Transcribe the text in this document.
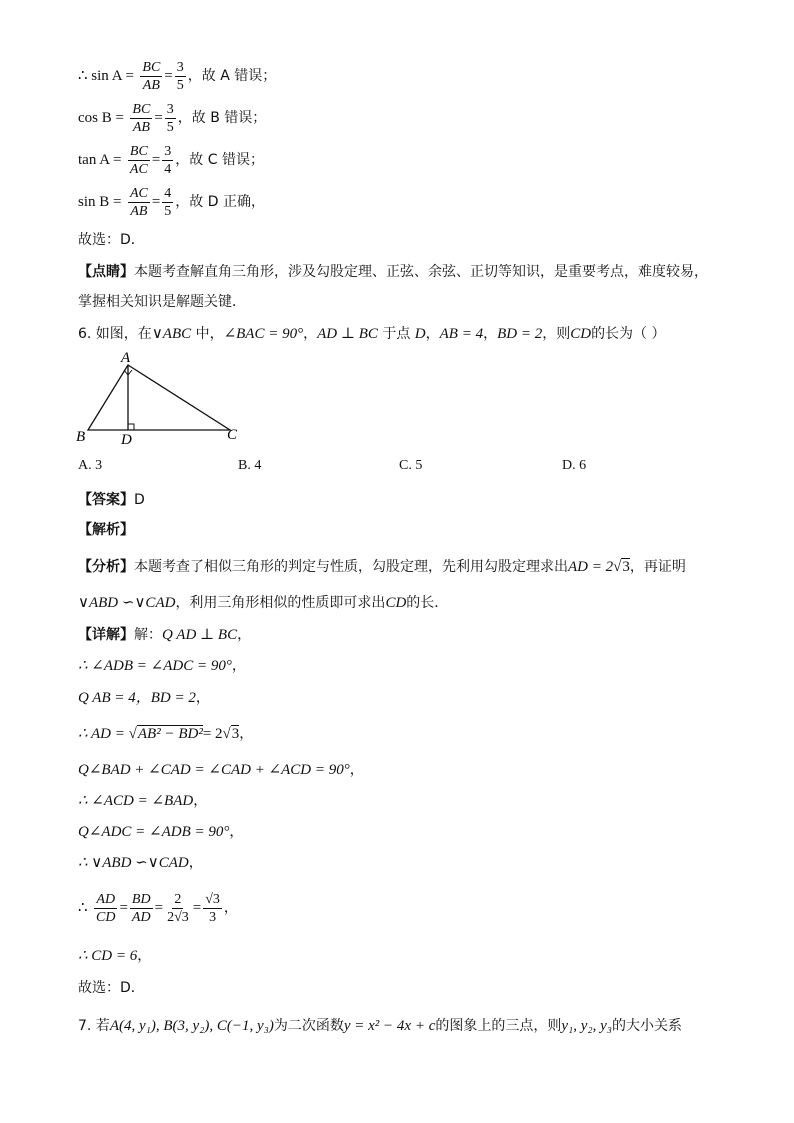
∴ $\sin A = \frac{BC}{AB} = \frac{3}{5}$ ，故 A 错误；
$\cos B = \frac{BC}{AB} = \frac{3}{5}$ ，故 B 错误；
$\tan A = \frac{BC}{AC} = \frac{3}{4}$ ，故 C 错误；
$\sin B = \frac{AC}{AB} = \frac{4}{5}$ ，故 D 正确，
故选：D．
【点睛】本题考查解直角三角形，涉及勾股定理、正弦、余弦、正切等知识，是重要考点，难度较易，
掌握相关知识是解题关键．
6. 如图，在∨ABC 中，∠BAC = 90°，AD ⊥ BC 于点 D，AB = 4，BD = 2，则CD的长为（ ）
A
B	C
D
A. 3	B. 4	C. 5	D. 6
【答案】D
【解析】
【分析】本题考查了相似三角形的判定与性质，勾股定理，先利用勾股定理求出AD = 2√3，再证明
∨ABD ∽∨CAD，利用三角形相似的性质即可求出CD的长．
【详解】解：Q AD ⊥ BC，
∴ ∠ADB = ∠ADC = 90°，
Q AB = 4，BD = 2，
∴ AD = √AB² − BD²= 2√3，
Q∠BAD + ∠CAD = ∠CAD + ∠ACD = 90°，
∴ ∠ACD = ∠BAD，
Q∠ADC = ∠ADB = 90°，
∴ ∨ABD ∽∨CAD，
∴ $\frac{AD}{CD} = \frac{BD}{AD} = \frac{2}{2√3} = \frac{√3}{3}$ ，
∴ CD = 6，
故选：D．
7. 若A(4, y₁), B(3, y₂), C(−1, y₃)为二次函数y = x² − 4x + c的图象上的三点，则y₁, y₂, y₃的大小关系
